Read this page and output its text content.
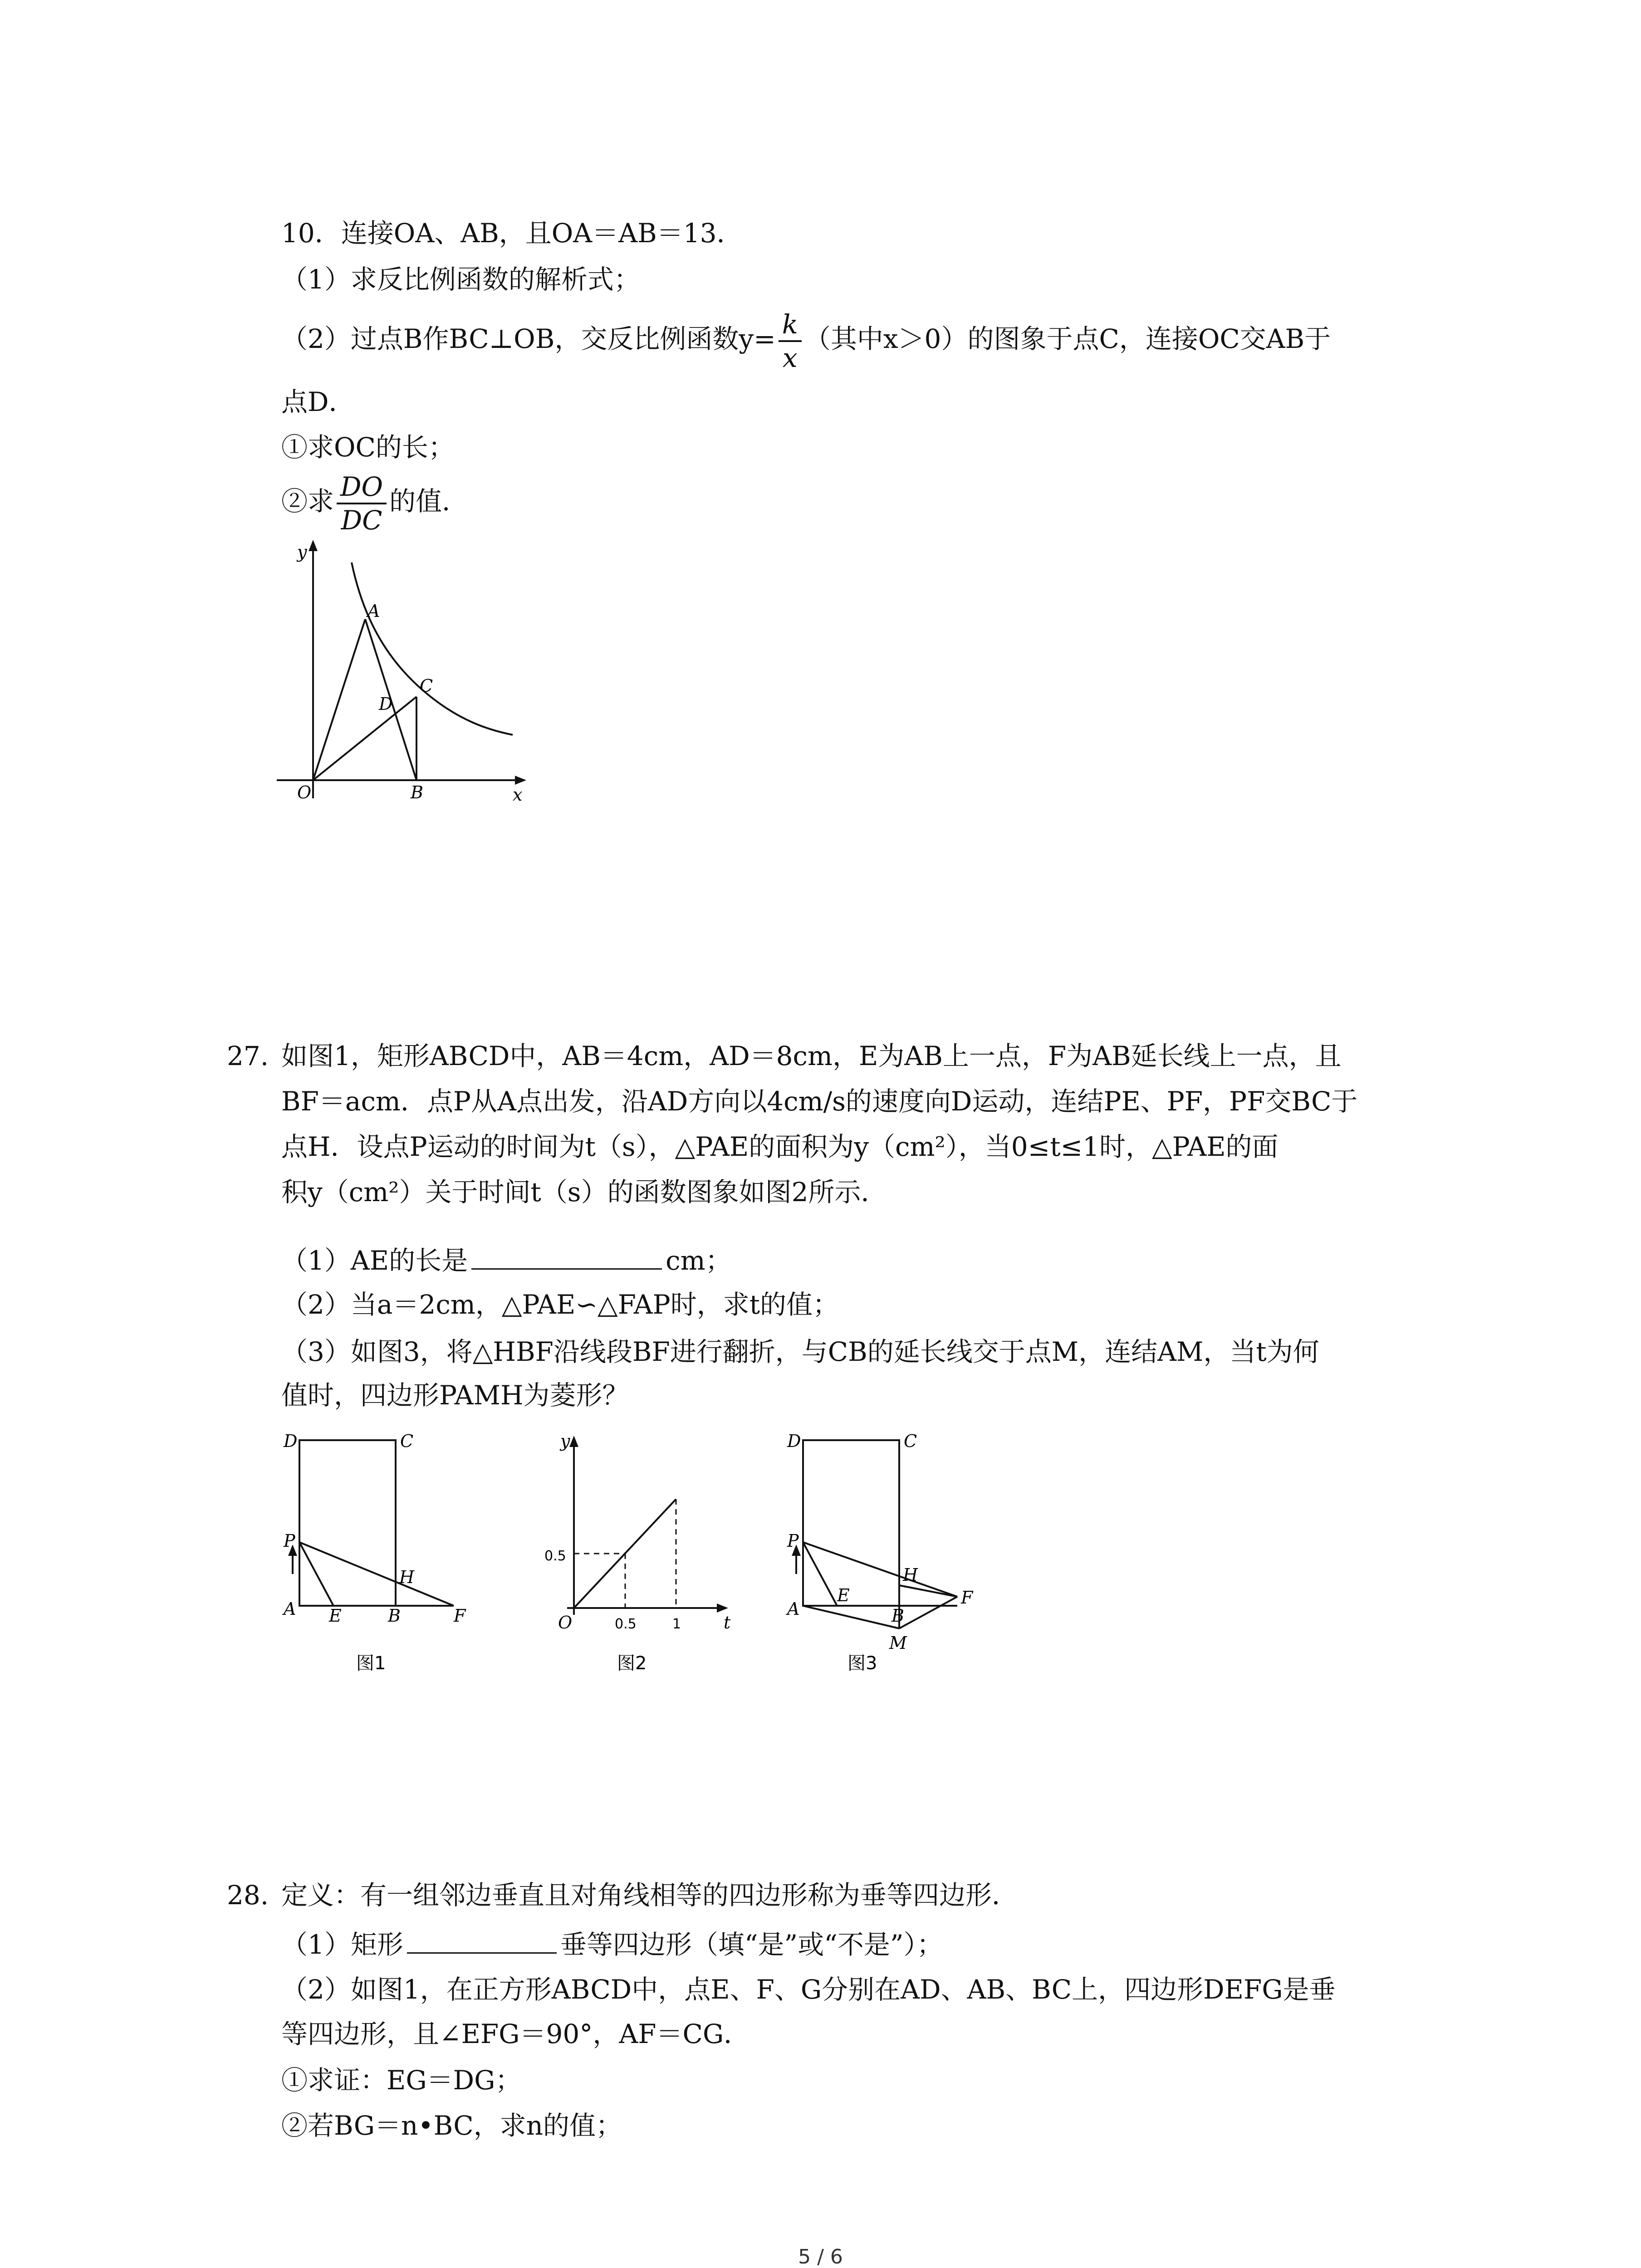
10．连接OA、AB，且OA＝AB＝13．
（1）求反比例函数的解析式；
（2）过点B作BC⊥OB，交反比例函数$y= \frac{k}{x}$ （其中x＞0）的图象于点C，连接OC交AB于
点D．
①求OC的长；
②求 $\frac{DO}{DC}$ 的值．
y
x
O
A
B
C
D
27. 如图1，矩形ABCD中，AB＝4cm，AD＝8cm，E为AB上一点，F为AB延长线上一点，且
BF＝acm．点P从A点出发，沿AD方向以4cm/s的速度向D运动，连结PE、PF，PF交BC于
点H．设点P运动的时间为t（s），△PAE的面积为y（cm²），当0≤t≤1时，△PAE的面
积y（cm²）关于时间t（s）的函数图象如图2所示．
（1）AE的长是	cm；
（2）当a＝2cm，△PAE∽△FAP时，求t的值；
（3）如图3，将△HBF沿线段BF进行翻折，与CB的延长线交于点M，连结AM，当t为何
值时，四边形PAMH为菱形？
D	C
P
H
A E	B	F
图1
y
t
O
0.5
0.5	1
图2
D	C
P
H
A
E
B
F
M
图3
28. 定义：有一组邻边垂直且对角线相等的四边形称为垂等四边形．
（1）矩形	垂等四边形（填“是”或“不是”）；
（2）如图1，在正方形ABCD中，点E、F、G分别在AD、AB、BC上，四边形DEFG是垂
等四边形，且∠EFG＝90°，AF＝CG．
①求证：EG＝DG；
②若BG＝n•BC，求n的值；
5 / 6
